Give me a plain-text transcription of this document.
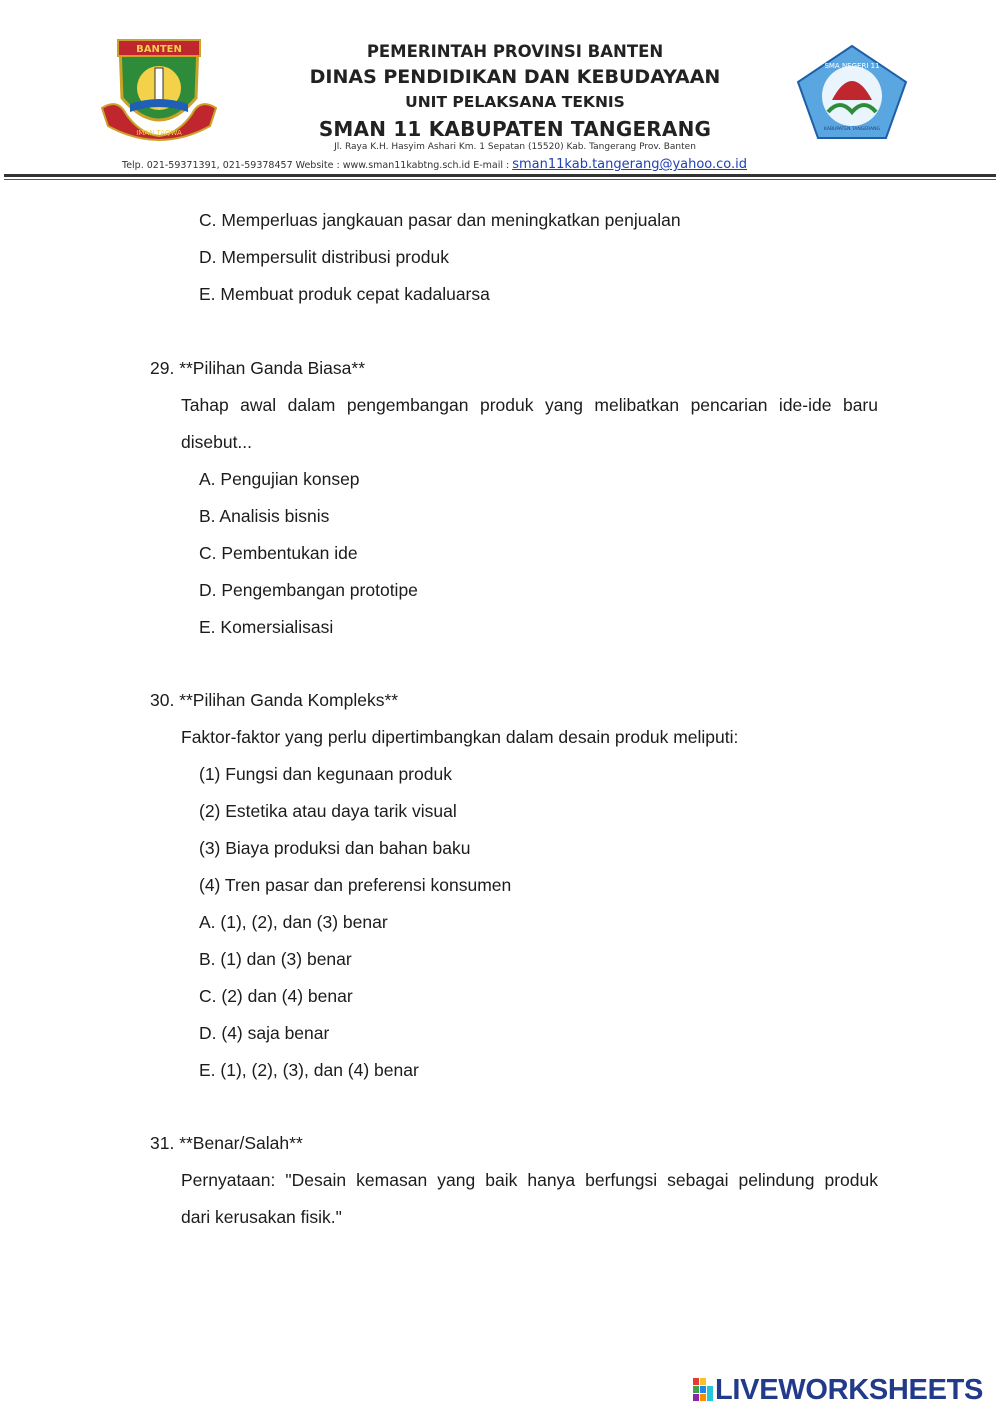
BANTEN
IMAN TAQWA
PEMERINTAH PROVINSI BANTEN
DINAS PENDIDIKAN DAN KEBUDAYAAN
UNIT PELAKSANA TEKNIS
SMAN 11 KABUPATEN TANGERANG
Jl. Raya K.H. Hasyim Ashari Km. 1 Sepatan (15520) Kab. Tangerang Prov. Banten
Telp. 021-59371391, 021-59378457 Website : www.sman11kabtng.sch.id E-mail : sman11kab.tangerang@yahoo.co.id
SMA NEGERI 11
KABUPATEN TANGERANG
C. Memperluas jangkauan pasar dan meningkatkan penjualan
D. Mempersulit distribusi produk
E. Membuat produk cepat kadaluarsa
29. **Pilihan Ganda Biasa**
Tahap awal dalam pengembangan produk yang melibatkan pencarian ide-ide baru
disebut...
A. Pengujian konsep
B. Analisis bisnis
C. Pembentukan ide
D. Pengembangan prototipe
E. Komersialisasi
30. **Pilihan Ganda Kompleks**
Faktor-faktor yang perlu dipertimbangkan dalam desain produk meliputi:
(1) Fungsi dan kegunaan produk
(2) Estetika atau daya tarik visual
(3) Biaya produksi dan bahan baku
(4) Tren pasar dan preferensi konsumen
A. (1), (2), dan (3) benar
B. (1) dan (3) benar
C. (2) dan (4) benar
D. (4) saja benar
E. (1), (2), (3), dan (4) benar
31. **Benar/Salah**
Pernyataan: "Desain kemasan yang baik hanya berfungsi sebagai pelindung produk
dari kerusakan fisik."
LIVEWORKSHEETS
